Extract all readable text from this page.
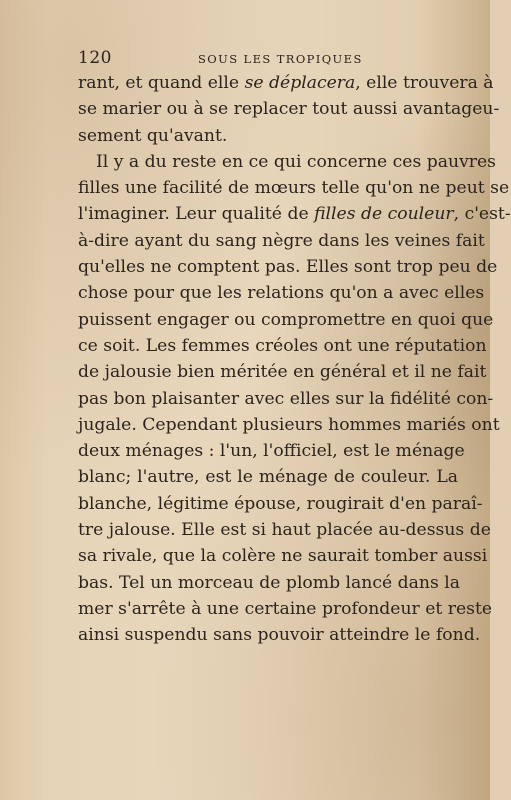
120	SOUS LES TROPIQUES
rant, et quand elle se déplacera, elle trouvera à
se marier ou à se replacer tout aussi avantageu-
sement qu'avant.
Il y a du reste en ce qui concerne ces pauvres
filles une facilité de mœurs telle qu'on ne peut se
l'imaginer. Leur qualité de filles de couleur, c'est-
à-dire ayant du sang nègre dans les veines fait
qu'elles ne comptent pas. Elles sont trop peu de
chose pour que les relations qu'on a avec elles
puissent engager ou compromettre en quoi que
ce soit. Les femmes créoles ont une réputation
de jalousie bien méritée en général et il ne fait
pas bon plaisanter avec elles sur la fidélité con-
jugale. Cependant plusieurs hommes mariés ont
deux ménages : l'un, l'officiel, est le ménage
blanc; l'autre, est le ménage de couleur. La
blanche, légitime épouse, rougirait d'en paraî-
tre jalouse. Elle est si haut placée au-dessus de
sa rivale, que la colère ne saurait tomber aussi
bas. Tel un morceau de plomb lancé dans la
mer s'arrête à une certaine profondeur et reste
ainsi suspendu sans pouvoir atteindre le fond.
